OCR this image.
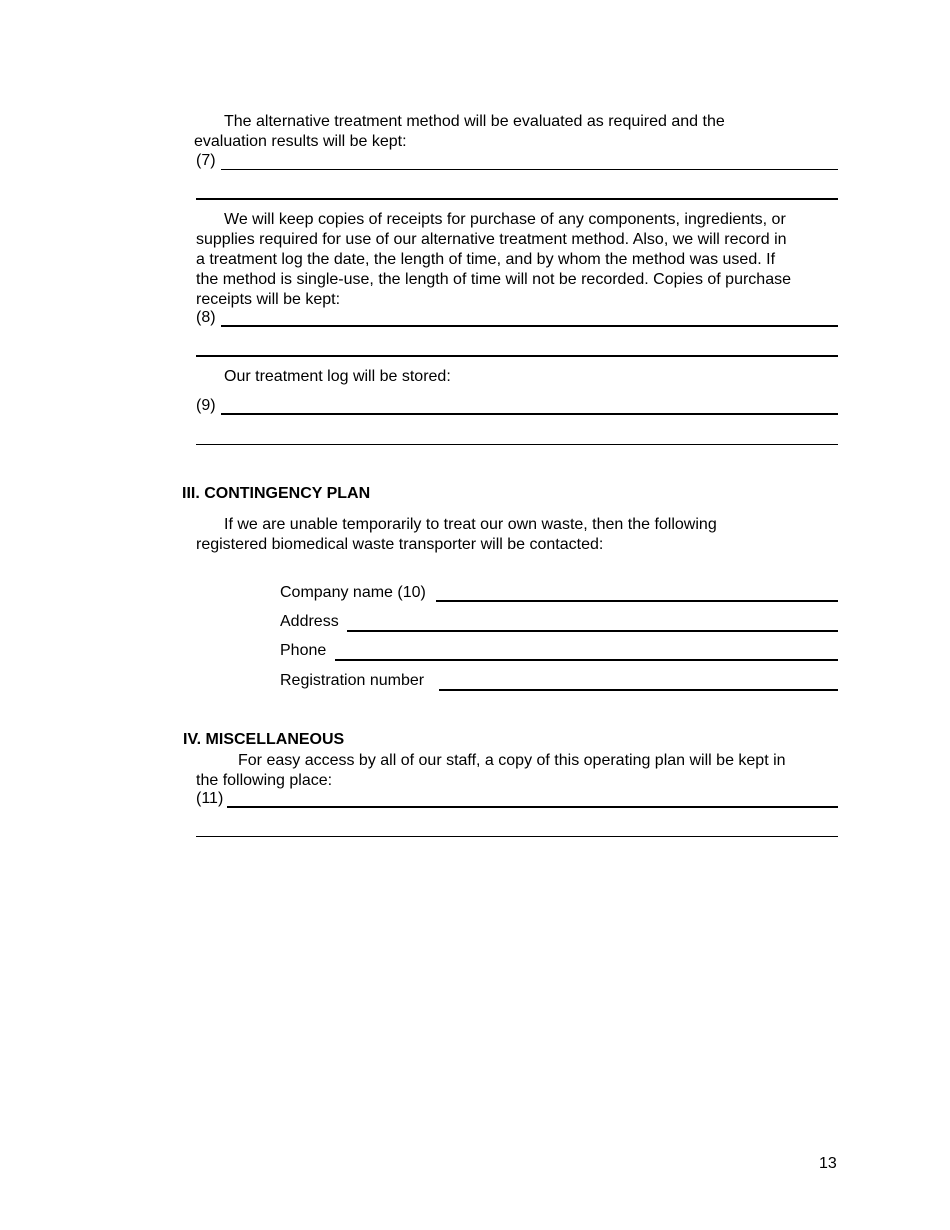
The alternative treatment method will be evaluated as required and the
evaluation results will be kept:
(7)
We will keep copies of receipts for purchase of any components, ingredients, or
supplies required for use of our alternative treatment method. Also, we will record in
a treatment log the date, the length of time, and by whom the method was used. If
the method is single-use, the length of time will not be recorded. Copies of purchase
receipts will be kept:
(8)
Our treatment log will be stored:
(9)
III. CONTINGENCY PLAN
If we are unable temporarily to treat our own waste, then the following
registered biomedical waste transporter will be contacted:
Company name (10)
Address
Phone
Registration number
IV. MISCELLANEOUS
For easy access by all of our staff, a copy of this operating plan will be kept in
the following place:
(11)
13
